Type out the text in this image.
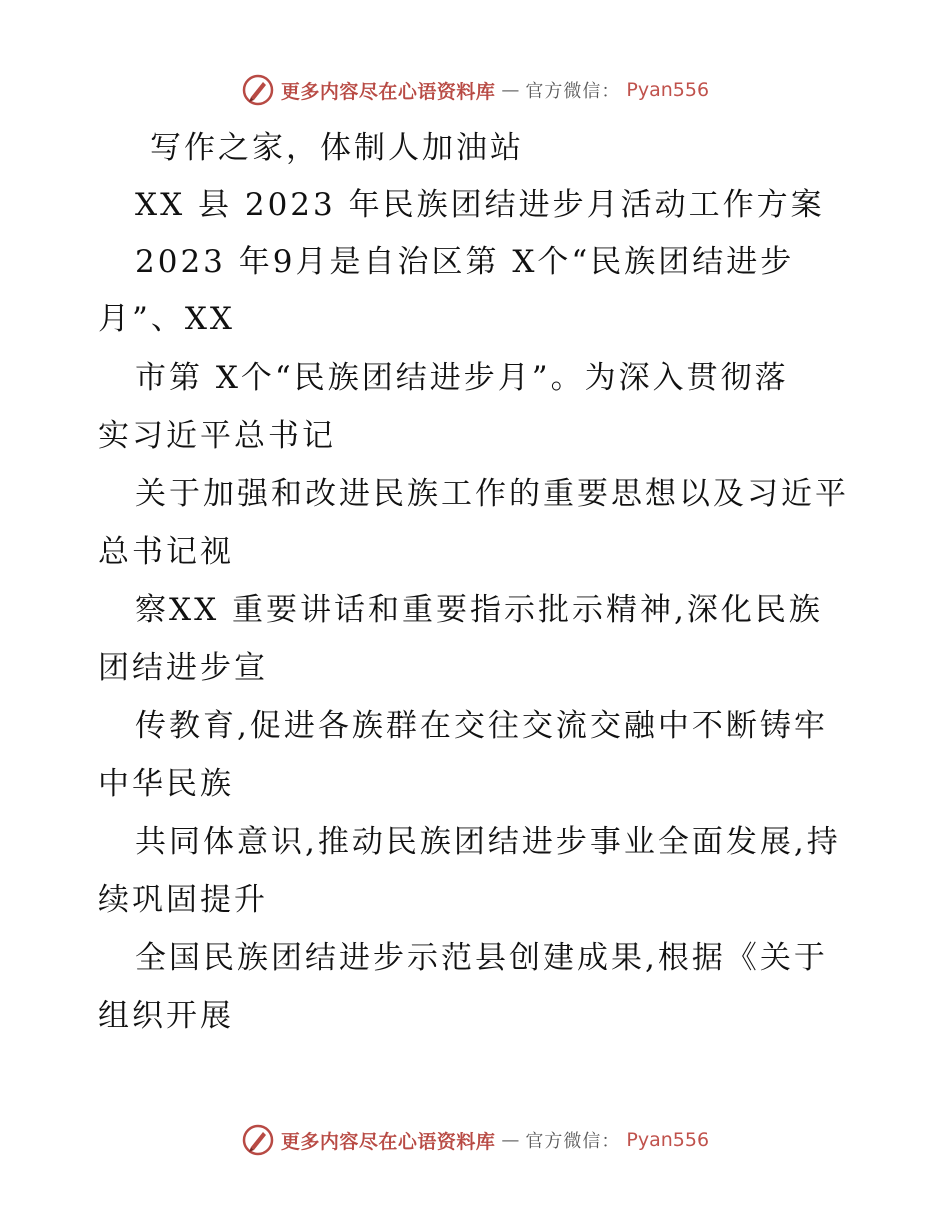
更多内容尽在心语资料库 — 官方微信： Pyan556
写作之家，体制人加油站
XX 县 2023 年民族团结进步月活动工作方案
2023 年9月是自治区第 X个“民族团结进步
月”、XX
市第 X个“民族团结进步月”。为深入贯彻落
实习近平总书记
关于加强和改进民族工作的重要思想以及习近平
总书记视
察XX 重要讲话和重要指示批示精神,深化民族
团结进步宣
传教育,促进各族群在交往交流交融中不断铸牢
中华民族
共同体意识,推动民族团结进步事业全面发展,持
续巩固提升
全国民族团结进步示范县创建成果,根据《关于
组织开展
更多内容尽在心语资料库 — 官方微信： Pyan556
